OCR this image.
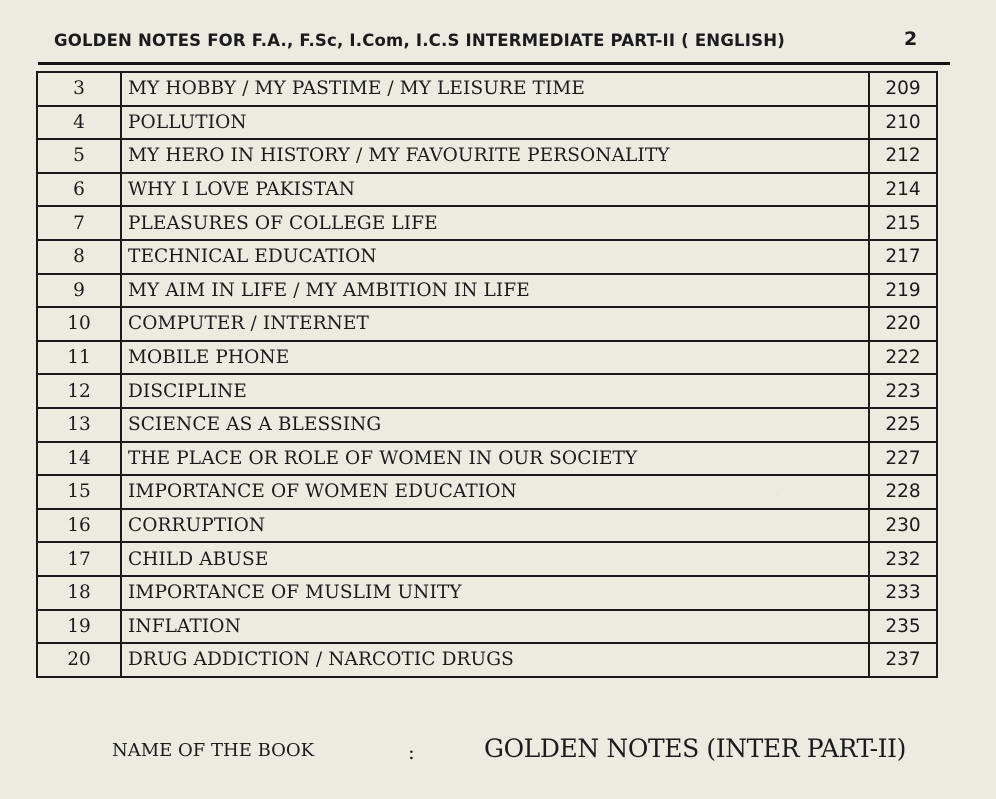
GOLDEN NOTES FOR F.A., F.Sc, I.Com, I.C.S INTERMEDIATE PART-II ( ENGLISH)	2
3	MY HOBBY / MY PASTIME / MY LEISURE TIME	209
4	POLLUTION	210
5	MY HERO IN HISTORY / MY FAVOURITE PERSONALITY	212
6	WHY I LOVE PAKISTAN	214
7	PLEASURES OF COLLEGE LIFE	215
8	TECHNICAL EDUCATION	217
9	MY AIM IN LIFE / MY AMBITION IN LIFE	219
10	COMPUTER / INTERNET	220
11	MOBILE PHONE	222
12	DISCIPLINE	223
13	SCIENCE AS A BLESSING	225
14	THE PLACE OR ROLE OF WOMEN IN OUR SOCIETY	227
15	IMPORTANCE OF WOMEN EDUCATION	228
16	CORRUPTION	230
17	CHILD ABUSE	232
18	IMPORTANCE OF MUSLIM UNITY	233
19	INFLATION	235
20	DRUG ADDICTION / NARCOTIC DRUGS	237
NAME OF THE BOOK	:	GOLDEN NOTES (INTER PART-II)
